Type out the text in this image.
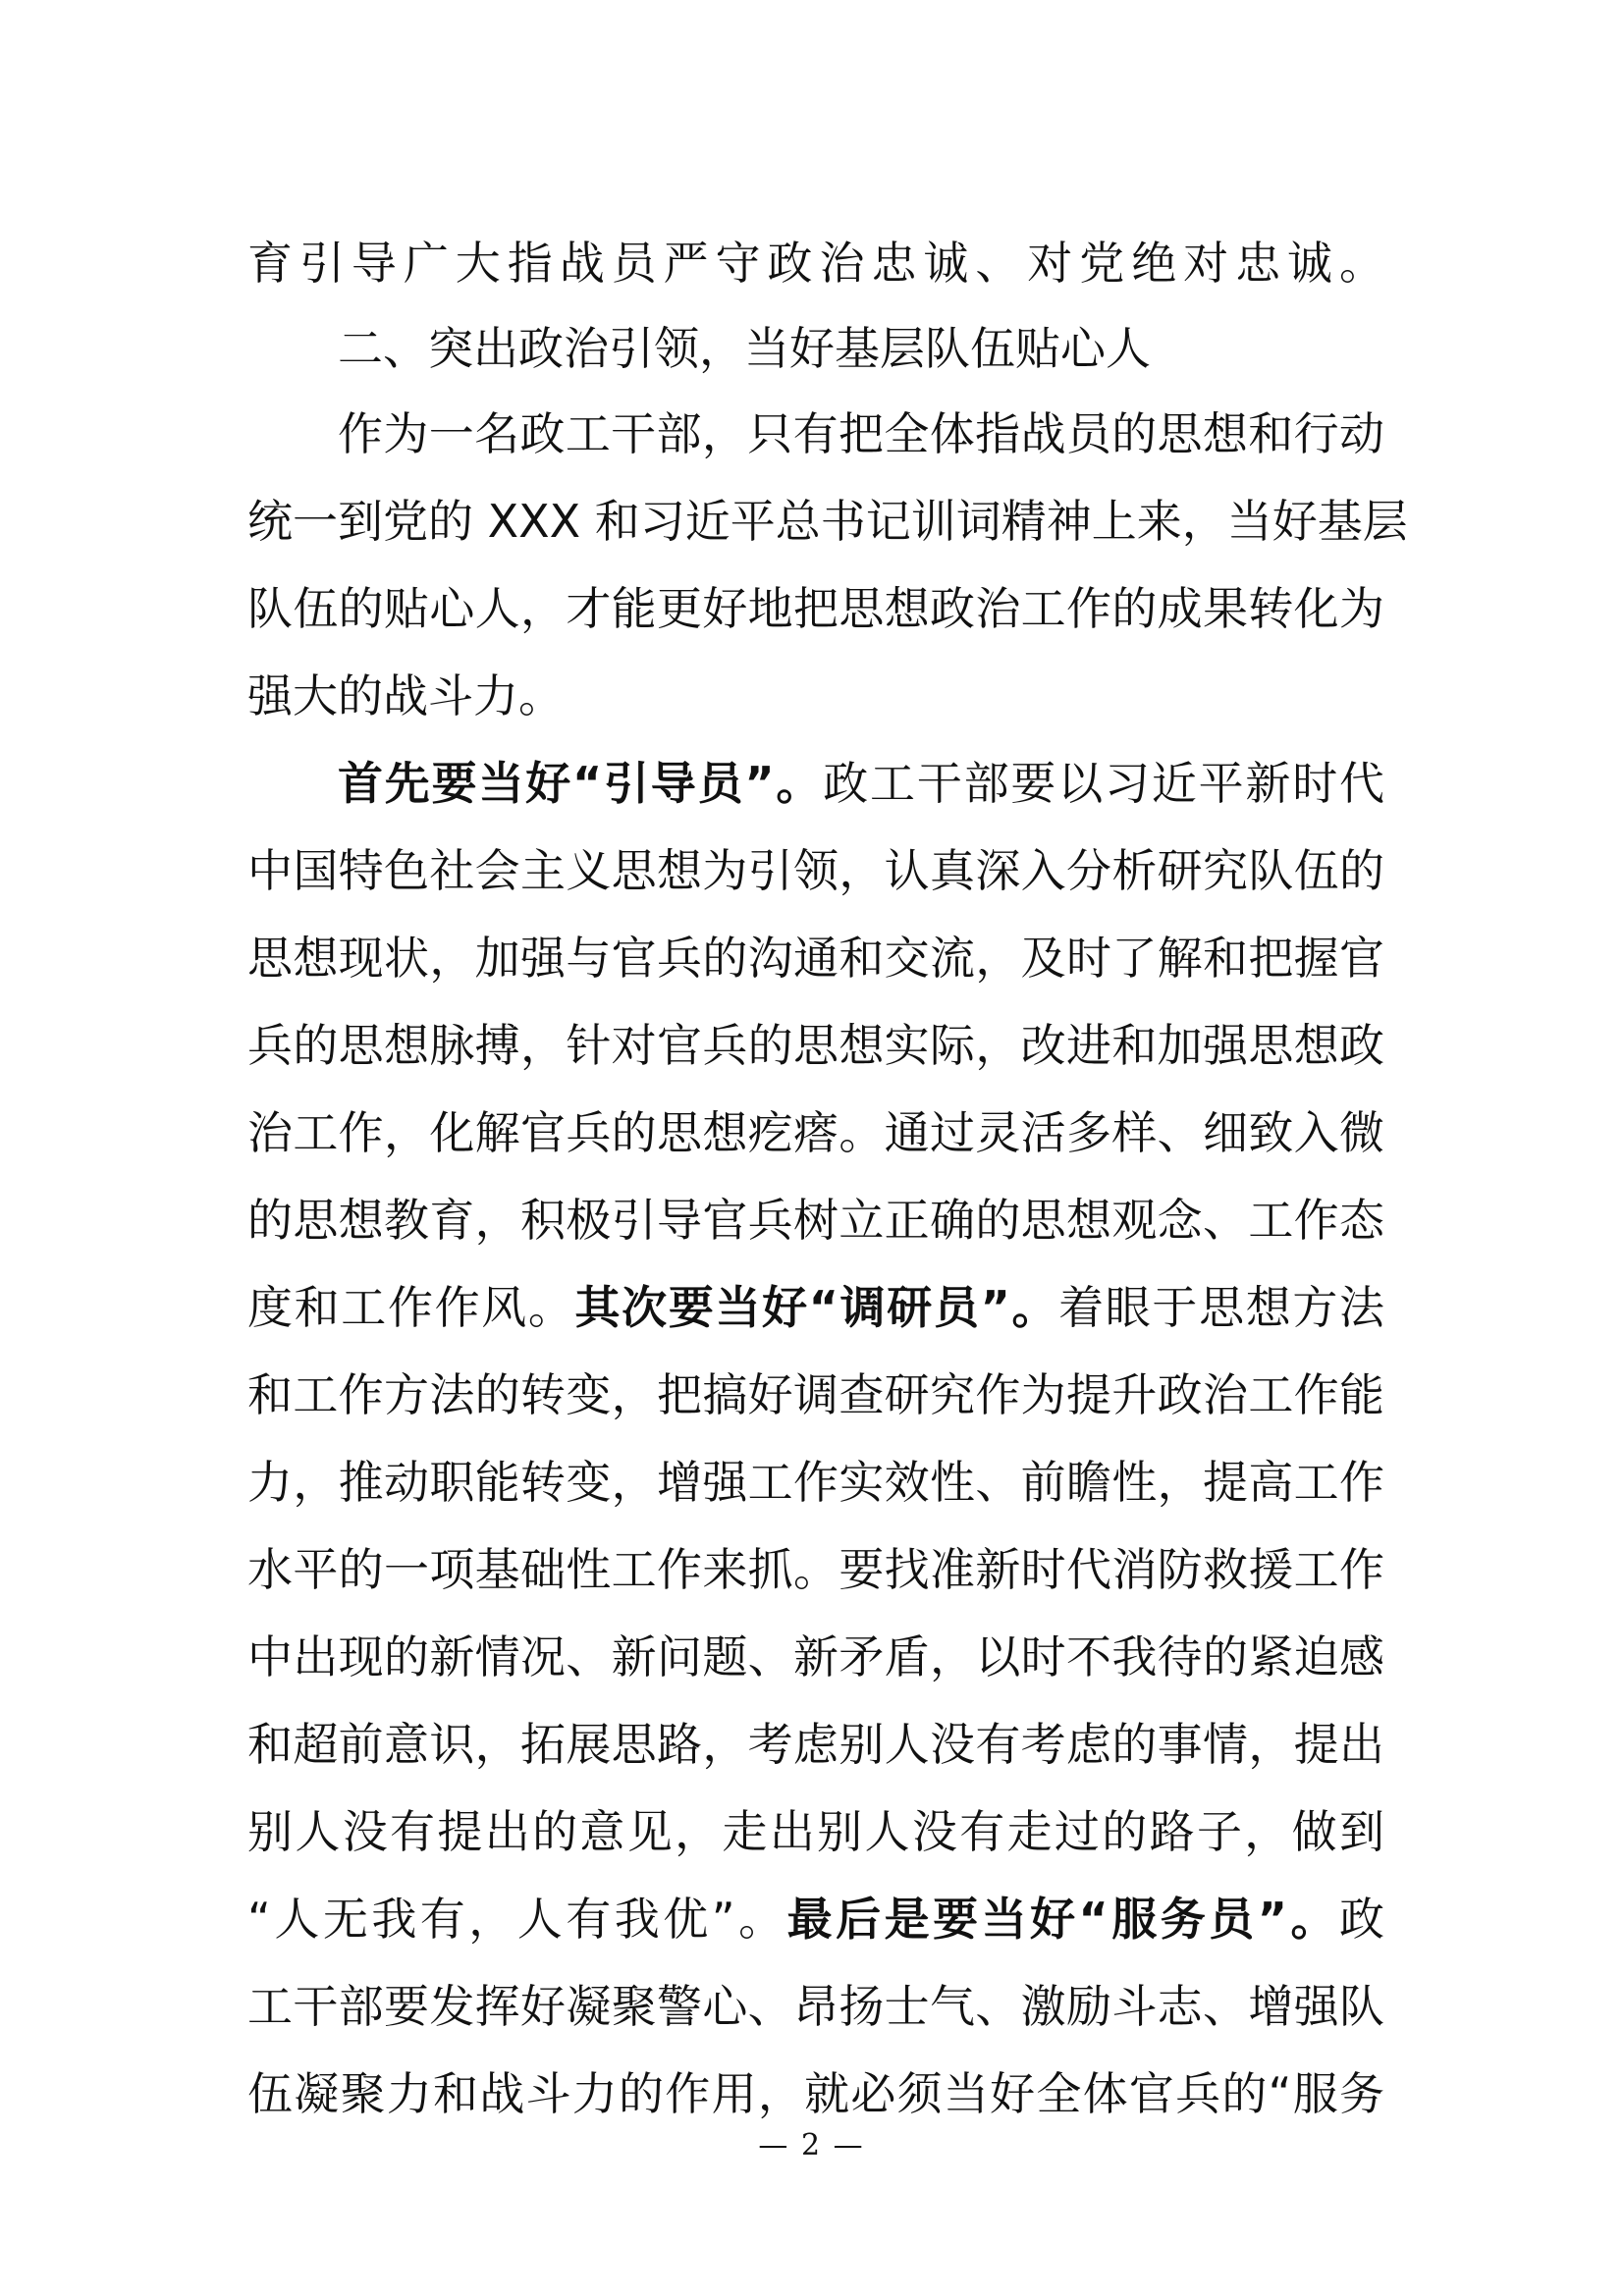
育引导广大指战员严守政治忠诚、对党绝对忠诚。

二、突出政治引领，当好基层队伍贴心人

作为一名政工干部，只有把全体指战员的思想和行动

统一到党的 XXX 和习近平总书记训词精神上来，当好基层

队伍的贴心人，才能更好地把思想政治工作的成果转化为

强大的战斗力。

首先要当好“引导员”。政工干部要以习近平新时代

中国特色社会主义思想为引领，认真深入分析研究队伍的

思想现状，加强与官兵的沟通和交流，及时了解和把握官

兵的思想脉搏，针对官兵的思想实际，改进和加强思想政

治工作，化解官兵的思想疙瘩。通过灵活多样、细致入微

的思想教育，积极引导官兵树立正确的思想观念、工作态

度和工作作风。其次要当好“调研员”。着眼于思想方法

和工作方法的转变，把搞好调查研究作为提升政治工作能

力，推动职能转变，增强工作实效性、前瞻性，提高工作

水平的一项基础性工作来抓。要找准新时代消防救援工作

中出现的新情况、新问题、新矛盾，以时不我待的紧迫感

和超前意识，拓展思路，考虑别人没有考虑的事情，提出

别人没有提出的意见，走出别人没有走过的路子，做到

“人无我有，人有我优”。最后是要当好“服务员”。政

工干部要发挥好凝聚警心、昂扬士气、激励斗志、增强队

伍凝聚力和战斗力的作用，就必须当好全体官兵的“服务

— 2 —
